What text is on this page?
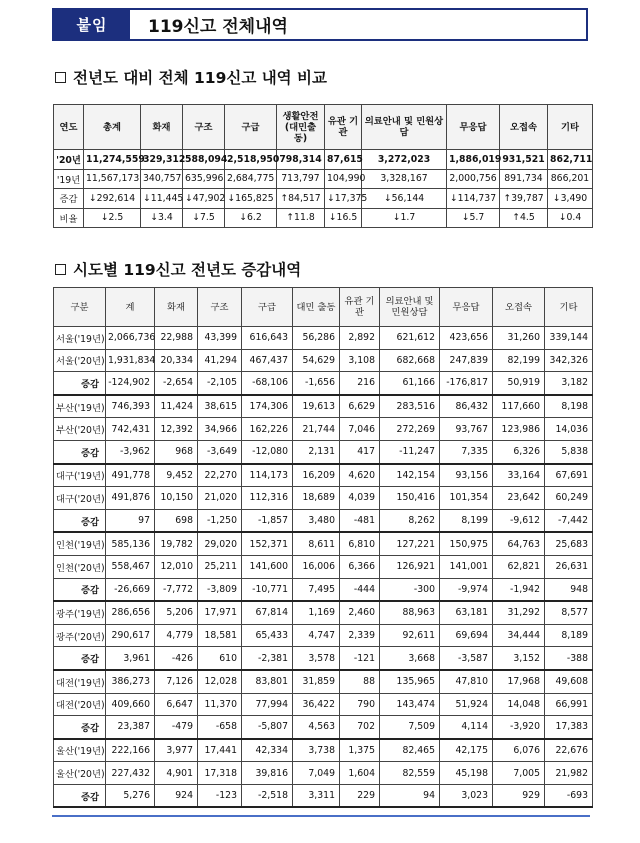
붙임	119신고 전체내역
전년도 대비 전체 119신고 내역 비교
연도	총계	화재	구조	구급	생활안전 (대민출동)	유관 기관	의료안내 및 민원상담	무응답	오접속	기타
'20년	11,274,559	329,312	588,094	2,518,950	798,314	87,615	3,272,023	1,886,019	931,521	862,711
'19년	11,567,173	340,757	635,996	2,684,775	713,797	104,990	3,328,167	2,000,756	891,734	866,201
증감	↓292,614	↓11,445	↓47,902	↓165,825	↑84,517	↓17,375	↓56,144	↓114,737	↑39,787	↓3,490
비율	↓2.5	↓3.4	↓7.5	↓6.2	↑11.8	↓16.5	↓1.7	↓5.7	↑4.5	↓0.4
시도별 119신고 전년도 증감내역
구분	계	화재	구조	구급	대민 출동	유관 기관	의료안내 및 민원상담	무응답	오접속	기타
서울('19년)	2,066,736	22,988	43,399	616,643	56,286	2,892	621,612	423,656	31,260	339,144
서울('20년)	1,931,834	20,334	41,294	467,437	54,629	3,108	682,668	247,839	82,199	342,326
증감	-124,902	-2,654	-2,105	-68,106	-1,656	216	61,166	-176,817	50,919	3,182
부산('19년)	746,393	11,424	38,615	174,306	19,613	6,629	283,516	86,432	117,660	8,198
부산('20년)	742,431	12,392	34,966	162,226	21,744	7,046	272,269	93,767	123,986	14,036
증감	-3,962	968	-3,649	-12,080	2,131	417	-11,247	7,335	6,326	5,838
대구('19년)	491,778	9,452	22,270	114,173	16,209	4,620	142,154	93,156	33,164	67,691
대구('20년)	491,876	10,150	21,020	112,316	18,689	4,039	150,416	101,354	23,642	60,249
증감	97	698	-1,250	-1,857	3,480	-481	8,262	8,199	-9,612	-7,442
인천('19년)	585,136	19,782	29,020	152,371	8,611	6,810	127,221	150,975	64,763	25,683
인천('20년)	558,467	12,010	25,211	141,600	16,006	6,366	126,921	141,001	62,821	26,631
증감	-26,669	-7,772	-3,809	-10,771	7,495	-444	-300	-9,974	-1,942	948
광주('19년)	286,656	5,206	17,971	67,814	1,169	2,460	88,963	63,181	31,292	8,577
광주('20년)	290,617	4,779	18,581	65,433	4,747	2,339	92,611	69,694	34,444	8,189
증감	3,961	-426	610	-2,381	3,578	-121	3,668	-3,587	3,152	-388
대전('19년)	386,273	7,126	12,028	83,801	31,859	88	135,965	47,810	17,968	49,608
대전('20년)	409,660	6,647	11,370	77,994	36,422	790	143,474	51,924	14,048	66,991
증감	23,387	-479	-658	-5,807	4,563	702	7,509	4,114	-3,920	17,383
울산('19년)	222,166	3,977	17,441	42,334	3,738	1,375	82,465	42,175	6,076	22,676
울산('20년)	227,432	4,901	17,318	39,816	7,049	1,604	82,559	45,198	7,005	21,982
증감	5,276	924	-123	-2,518	3,311	229	94	3,023	929	-693
